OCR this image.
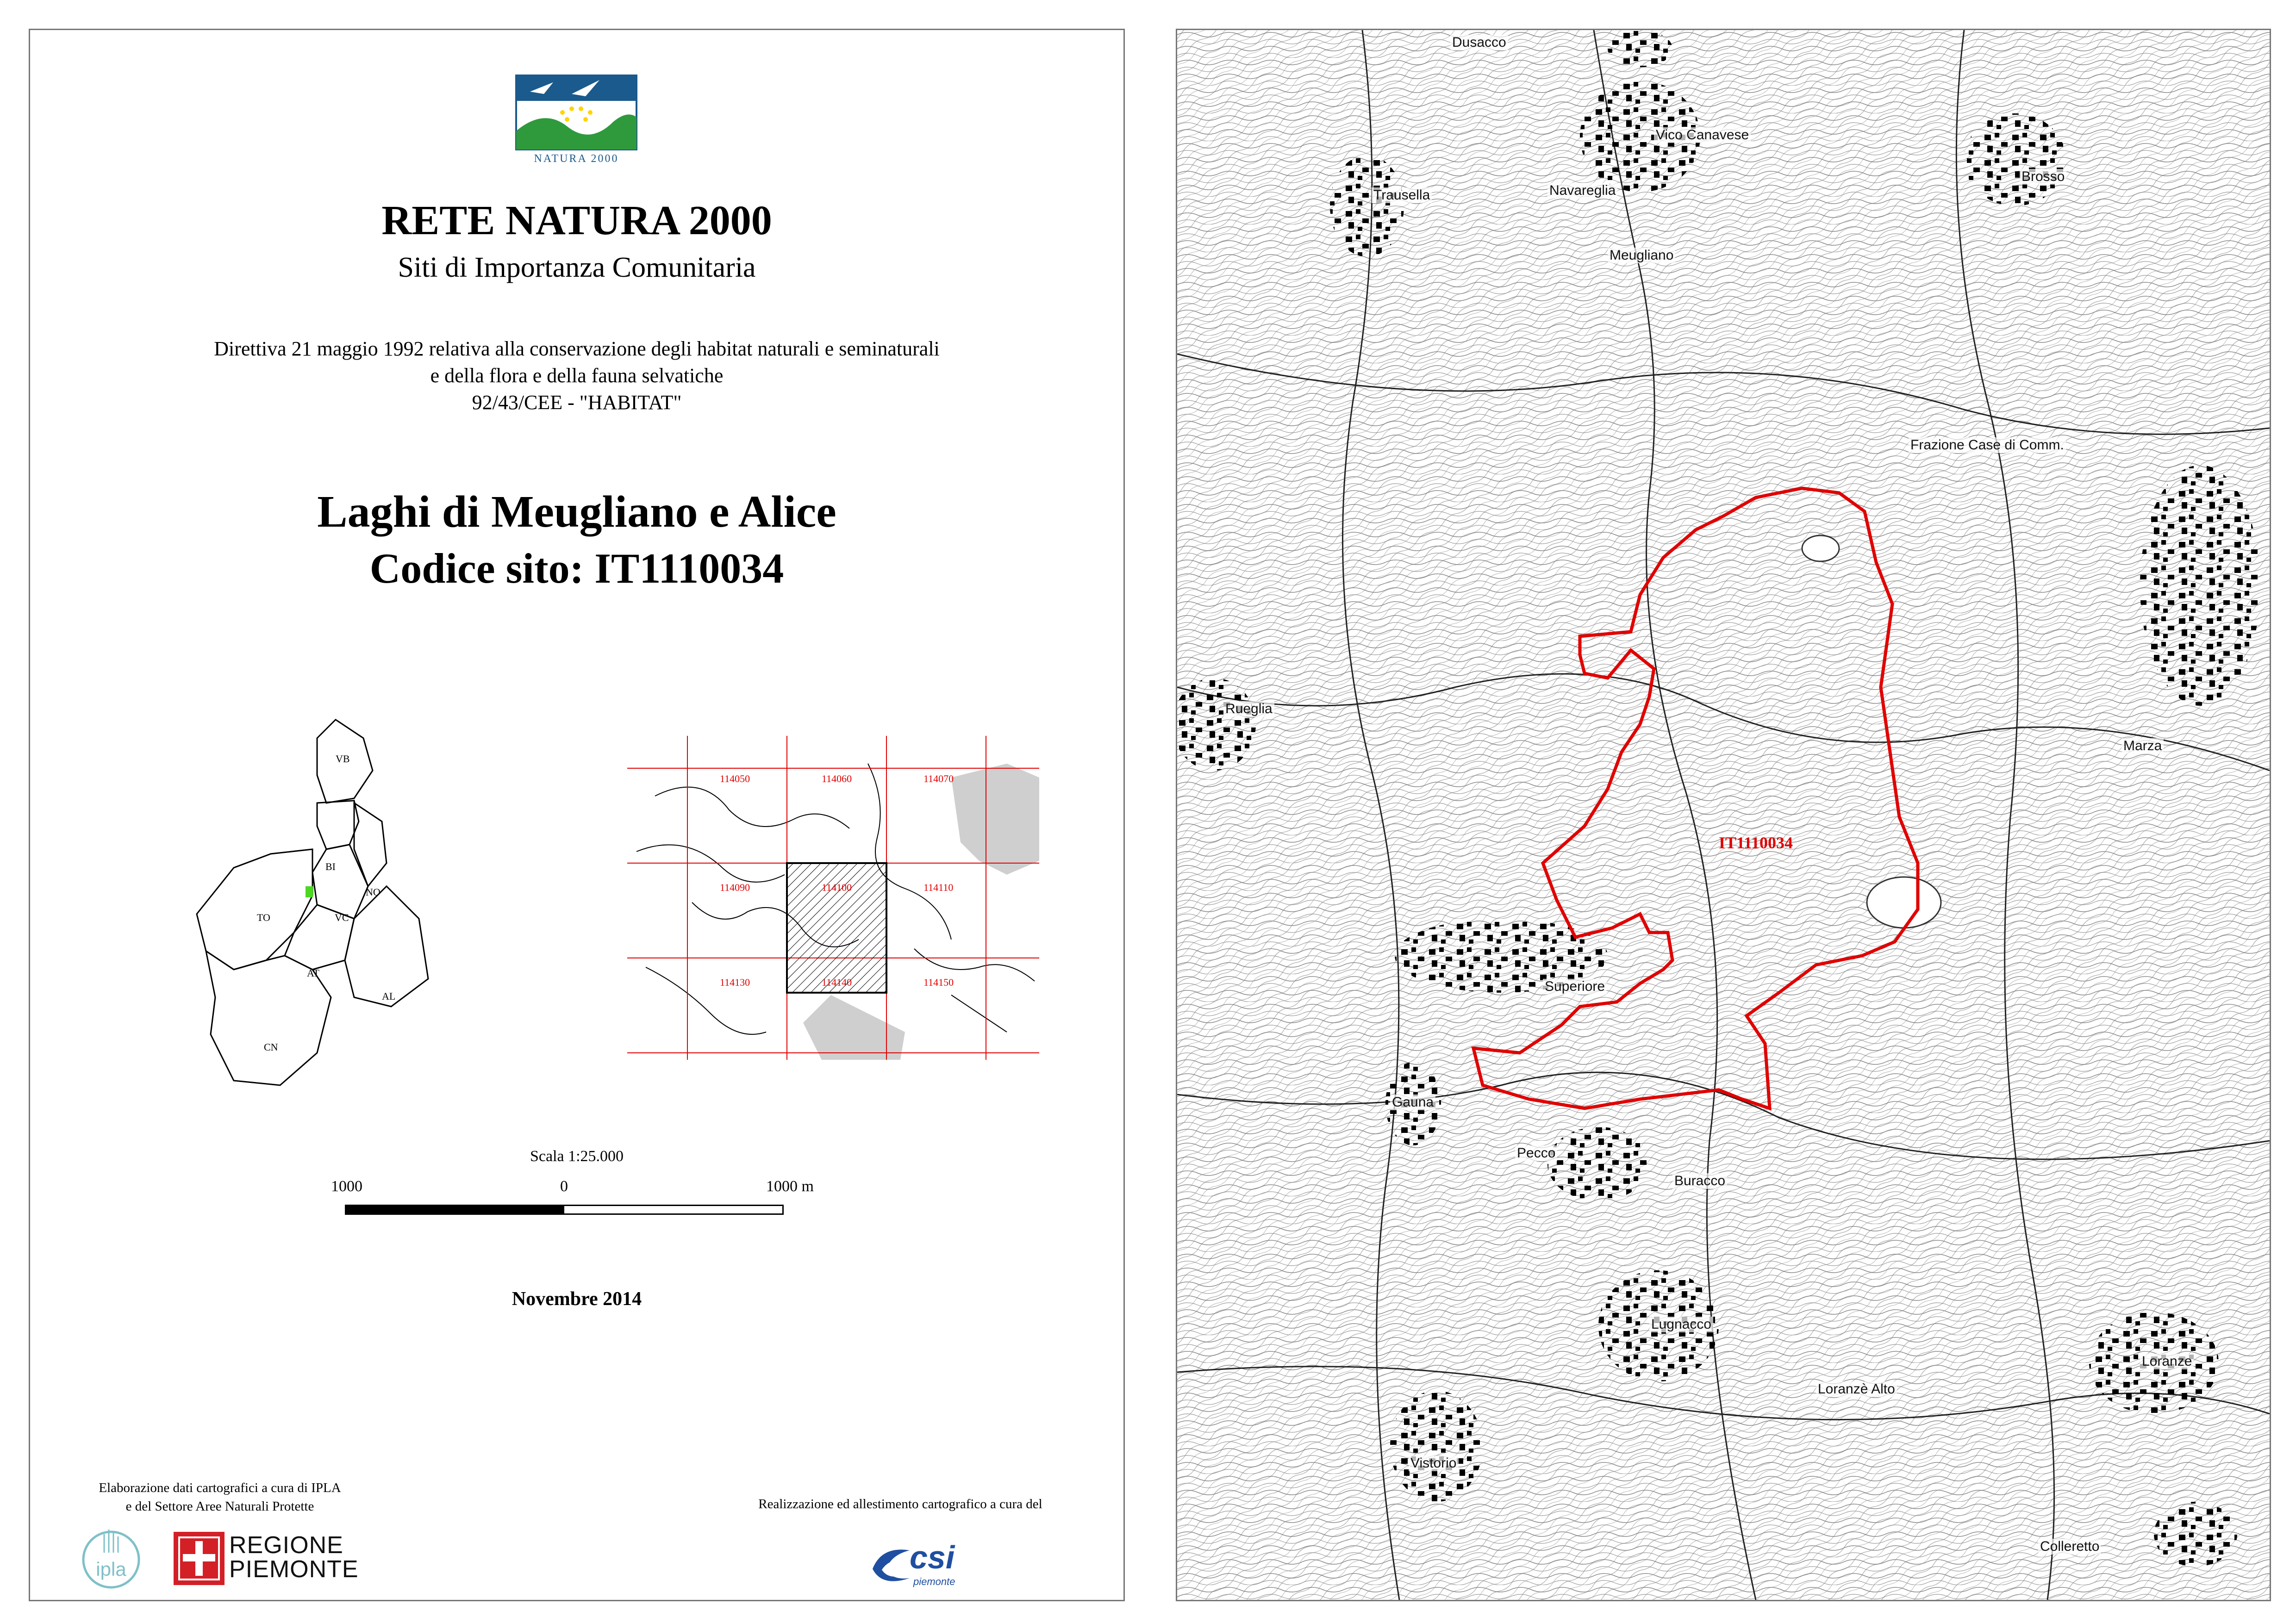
NATURA 2000
RETE NATURA 2000
Siti di Importanza Comunitaria
Direttiva 21 maggio 1992 relativa alla conservazione degli habitat naturali e seminaturali
e della flora e della fauna selvatiche
92/43/CEE - "HABITAT"
Laghi di Meugliano e Alice
Codice sito: IT1110034
VB
BI
NO
VC
TO
AT
AL
CN
114050	114060	114070
114090	114100	114110
114130	114140	114150
Scala 1:25.000
1000	0	1000 m
Novembre 2014
Elaborazione dati cartografici a cura di IPLA
e del Settore Aree Naturali Protette
ipla
REGIONE
PIEMONTE
Realizzazione ed allestimento cartografico a cura del
csi
piemonte
Vico Canavese
Trausella
Brosso
Meugliano
Navareglia
Rueglia
Marza
Superiore
Gauna
Pecco
Buracco
Lugnacco
Vistorio
Loranze
Loranzè Alto
Frazione Case di Comm.
Dusacco
Colleretto
IT1110034
